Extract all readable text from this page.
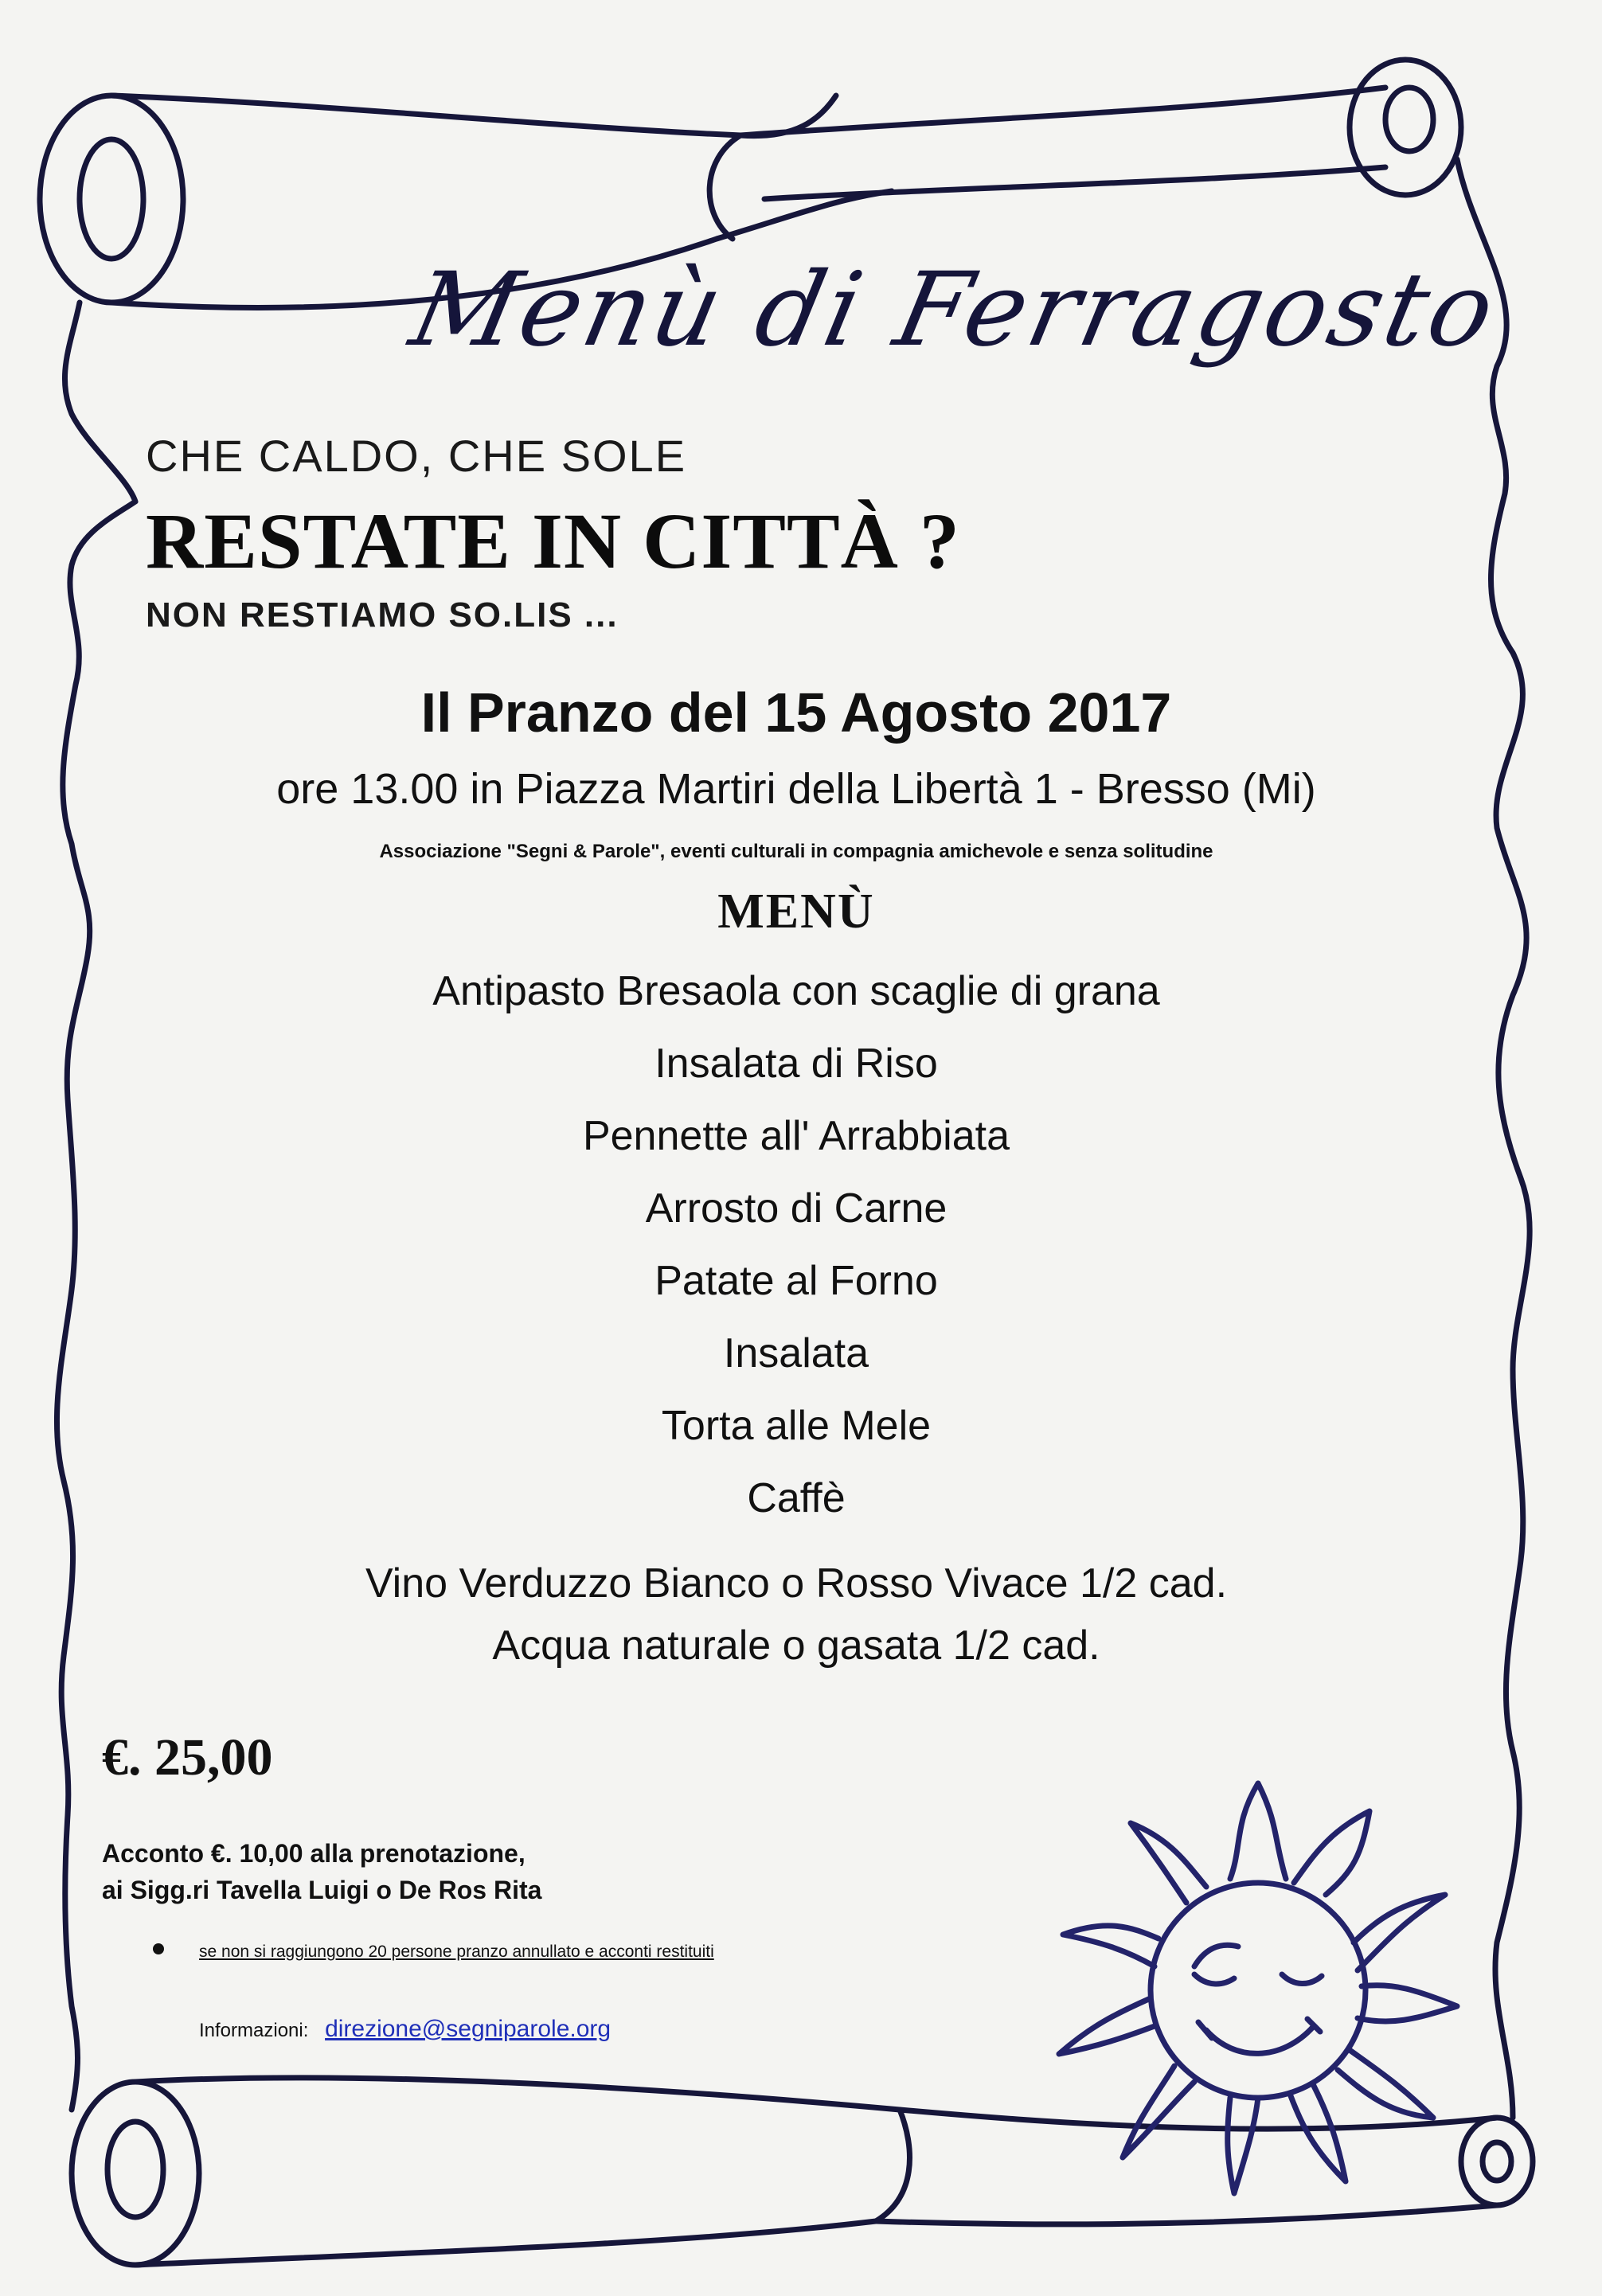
Menù di Ferragosto
CHE CALDO, CHE SOLE
RESTATE IN CITTÀ ?
NON RESTIAMO SO.LIS ...
Il Pranzo del 15 Agosto 2017
ore 13.00 in Piazza Martiri della Libertà 1 - Bresso (Mi)
Associazione "Segni & Parole", eventi culturali in compagnia amichevole e senza solitudine
MENÙ
Antipasto Bresaola con scaglie di grana
Insalata di Riso
Pennette all' Arrabbiata
Arrosto di Carne
Patate al Forno
Insalata
Torta alle Mele
Caffè
Vino Verduzzo Bianco o Rosso Vivace 1/2 cad.
Acqua naturale o gasata 1/2 cad.
€. 25,00
Acconto €. 10,00 alla prenotazione,
ai Sigg.ri Tavella Luigi o De Ros Rita
se non si raggiungono 20 persone pranzo annullato e acconti restituiti
Informazioni: direzione@segniparole.org
